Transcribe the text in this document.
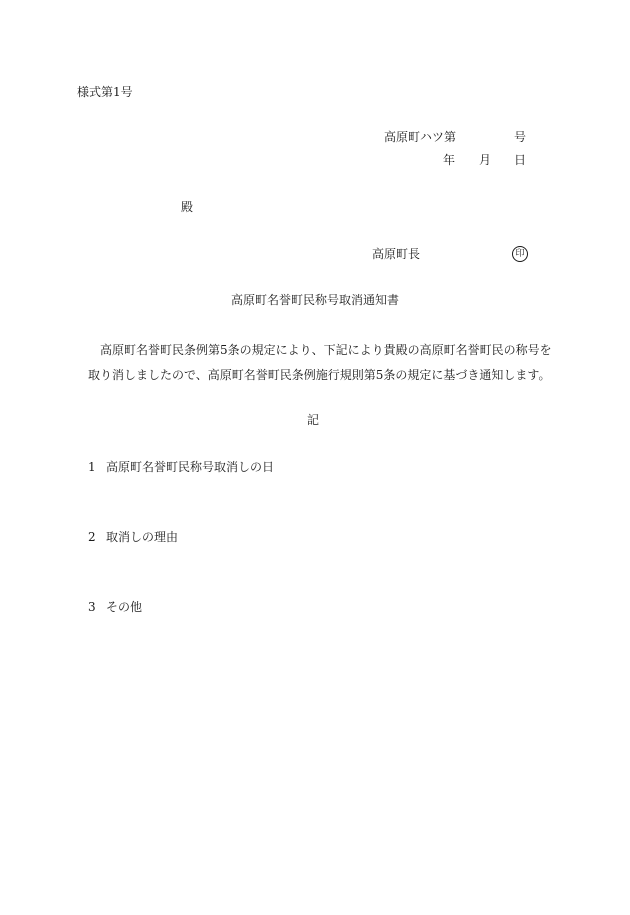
様式第1号
高原町ハツ第	号
年 月 日
殿
高原町長	印
高原町名誉町民称号取消通知書
高原町名誉町民条例第5条の規定により、下記により貴殿の高原町名誉町民の称号を
取り消しましたので、高原町名誉町民条例施行規則第5条の規定に基づき通知します。
記
1 高原町名誉町民称号取消しの日
2 取消しの理由
3 その他
